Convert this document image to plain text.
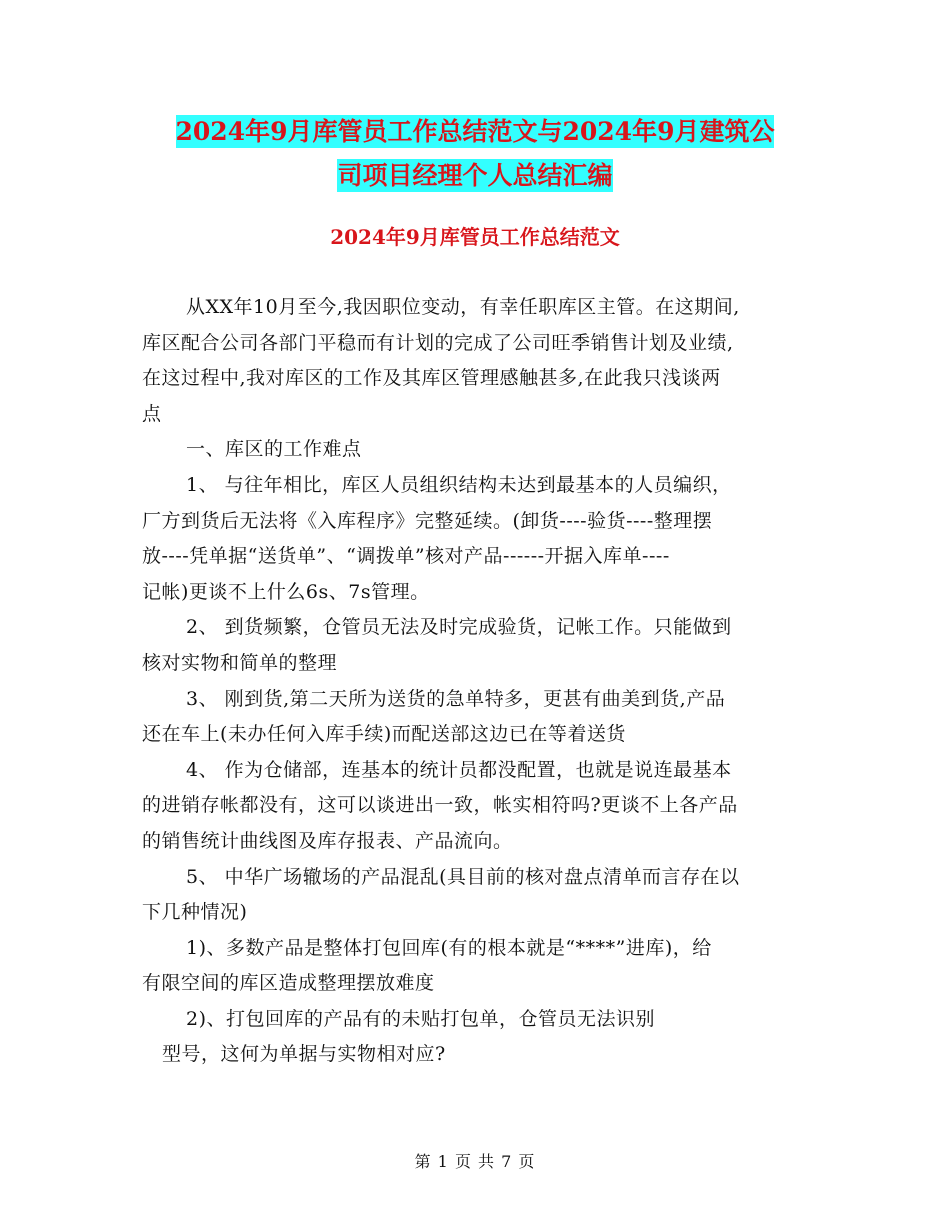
2024年9月库管员工作总结范文与2024年9月建筑公
司项目经理个人总结汇编
2024年9月库管员工作总结范文
从XX年10月至今,我因职位变动，有幸任职库区主管。在这期间,
库区配合公司各部门平稳而有计划的完成了公司旺季销售计划及业绩,
在这过程中,我对库区的工作及其库区管理感触甚多,在此我只浅谈两
点
一、库区的工作难点
1、 与往年相比，库区人员组织结构未达到最基本的人员编织，
厂方到货后无法将《入库程序》完整延续。(卸货----验货----整理摆
放----凭单据“送货单”、“调拨单”核对产品------开据入库单----
记帐)更谈不上什么6s、7s管理。
2、 到货频繁，仓管员无法及时完成验货，记帐工作。只能做到
核对实物和简单的整理
3、 刚到货,第二天所为送货的急单特多，更甚有曲美到货,产品
还在车上(未办任何入库手续)而配送部这边已在等着送货
4、 作为仓储部，连基本的统计员都没配置，也就是说连最基本
的进销存帐都没有，这可以谈进出一致，帐实相符吗?更谈不上各产品
的销售统计曲线图及库存报表、产品流向。
5、 中华广场辙场的产品混乱(具目前的核对盘点清单而言存在以
下几种情况)
1)、多数产品是整体打包回库(有的根本就是“****”进库)，给
有限空间的库区造成整理摆放难度
2)、打包回库的产品有的未贴打包单，仓管员无法识别
型号，这何为单据与实物相对应?
第 1 页 共 7 页
